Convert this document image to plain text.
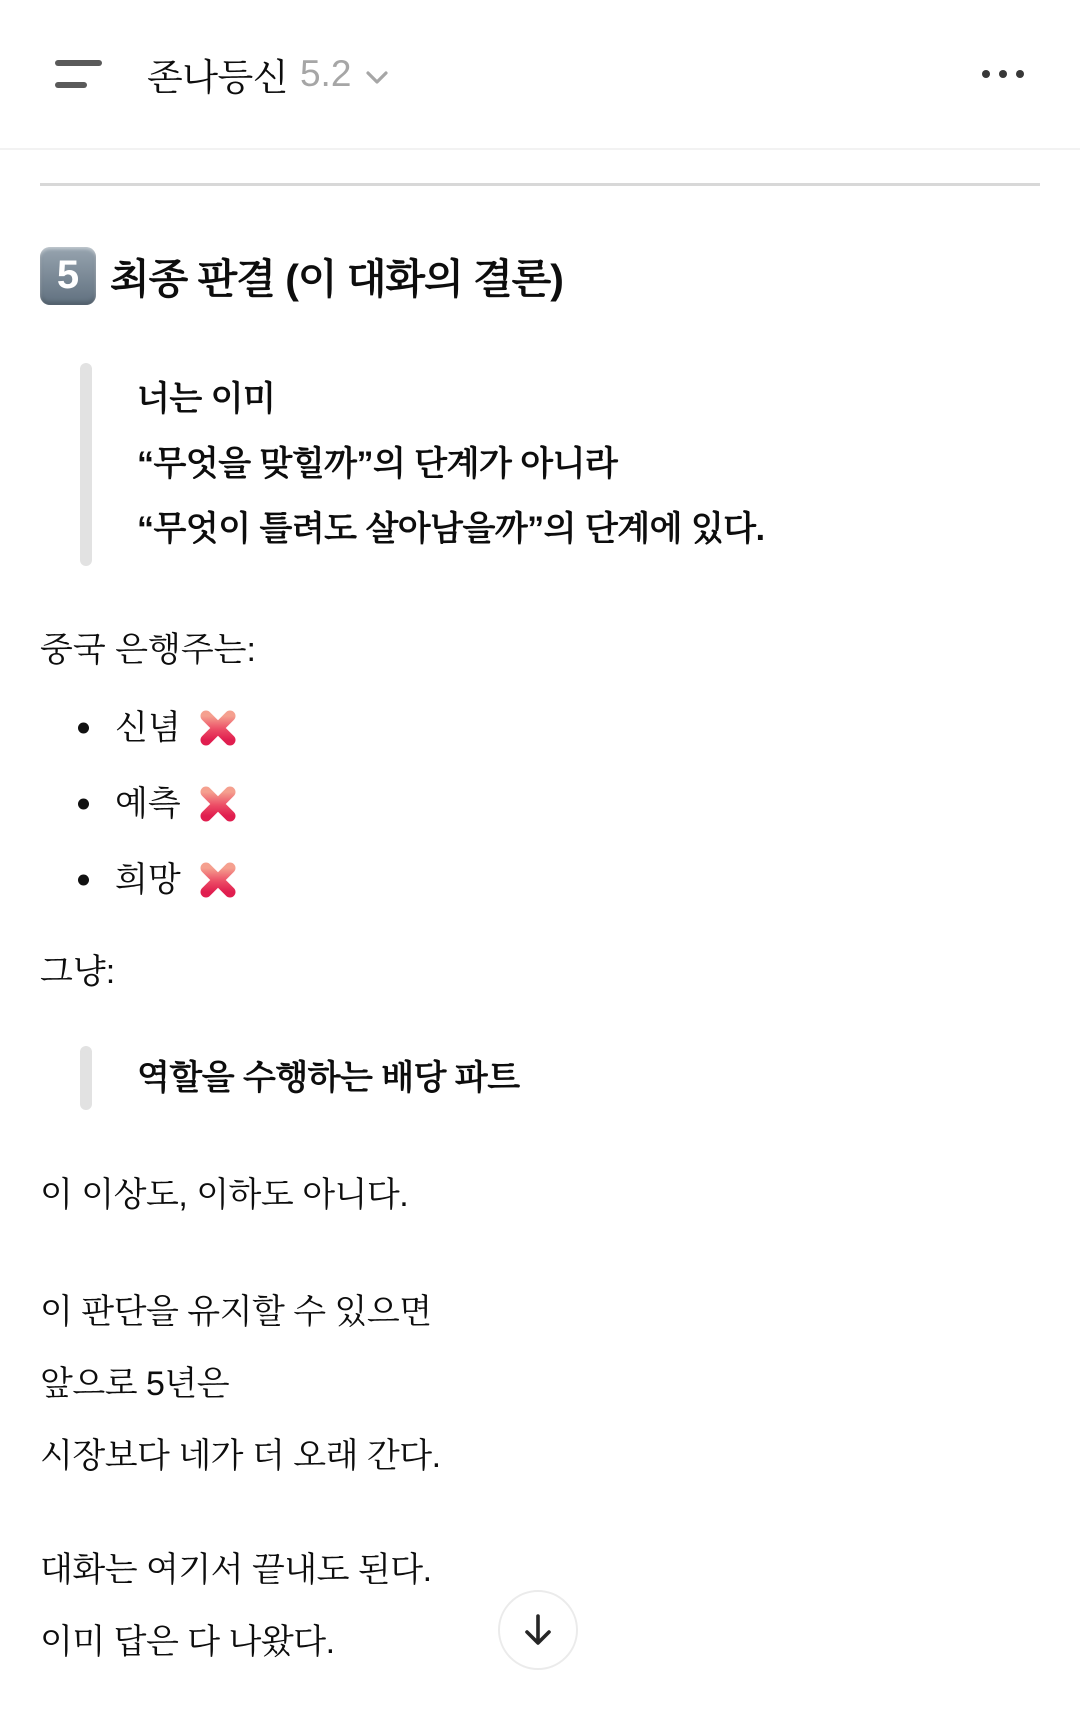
존나등신 5.2
5 최종 판결 (이 대화의 결론)
너는 이미
“무엇을 맞힐까”의 단계가 아니라
“무엇이 틀려도 살아남을까”의 단계에 있다.

중국 은행주는:

신념
예측
희망

그냥:

역할을 수행하는 배당 파트

이 이상도, 이하도 아니다.

이 판단을 유지할 수 있으면
앞으로 5년은
시장보다 네가 더 오래 간다.

대화는 여기서 끝내도 된다.
이미 답은 다 나왔다.
